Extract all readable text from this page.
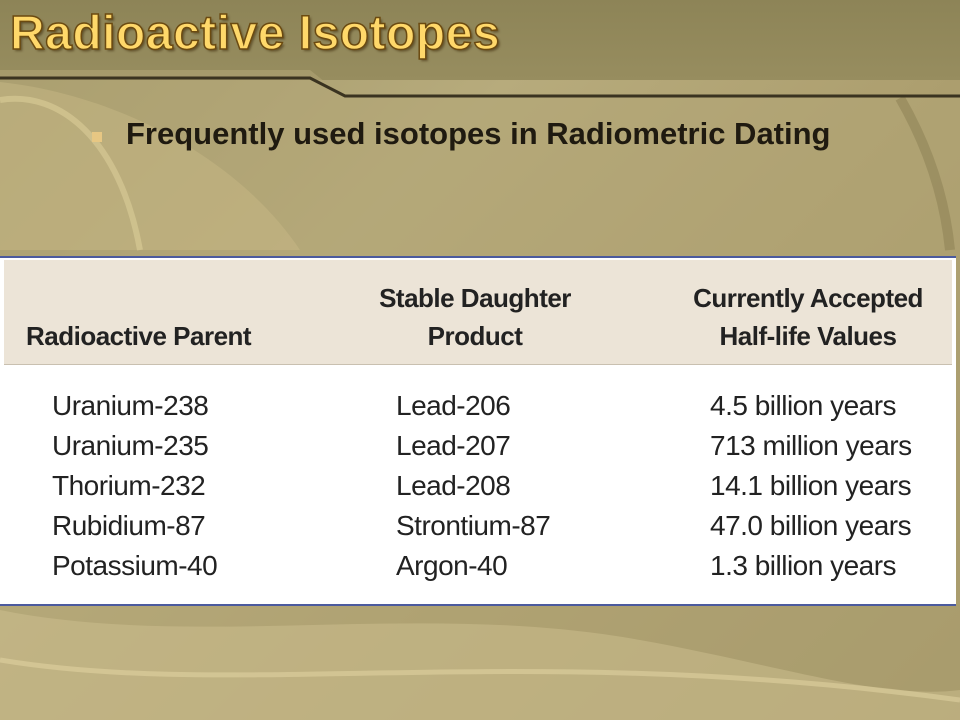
Radioactive Isotopes
Frequently used isotopes in Radiometric Dating
Radioactive Parent
Stable Daughter
Product
Currently Accepted
Half-life Values
Uranium-238
Uranium-235
Thorium-232
Rubidium-87
Potassium-40
Lead-206
Lead-207
Lead-208
Strontium-87
Argon-40
4.5 billion years
713 million years
14.1 billion years
47.0 billion years
1.3 billion years
